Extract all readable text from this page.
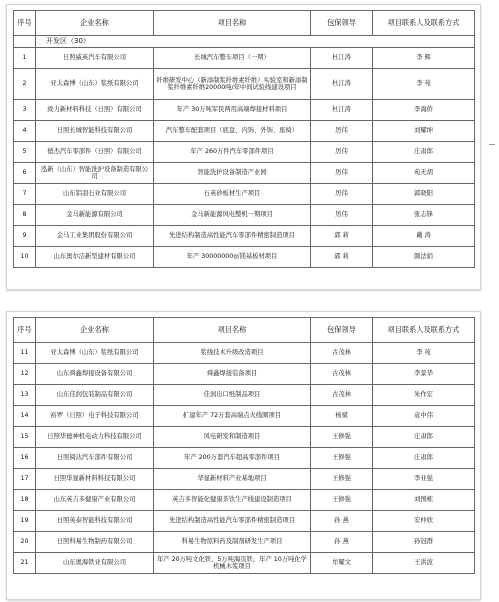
序号	企业名称	项目名称	包保领导	项目联系人及联系方式
	开发区（30）			
1	日照威英汽车有限公司	长城汽车整车项目（一期）	杜江涛	李 辉
2	亚太森博（山东）浆纸有限公司	纤维研发中心（新添制浆纤维素纤维）实验室和新添制浆纤维素纤维20000吨/年中间试验线建设项目	杜江涛	李 苑
3	致力新材料科技（日照）有限公司	年产 30万吨军民两用高端焊接材料项目	杜江涛	李海侨
4	日照长城智能科技有限公司	汽车整车配套项目（底盘、内饰、外饰、座椅）	厉伟	刘耀坤
5	德杰汽车零部件（日照）有限公司	年产 260万件汽车零部件项目	厉伟	庄肃郎
6	泓新（山东）智能洗护设备制造有限公司	智能洗护设备制造产业园	厉伟	苑无胡
7	山东铝羽石业有限公司	石英砂板材生产项目	厉伟	郭晓阳
8	金马新能源有限公司	金马新能源风电整机一期项目	厉伟	张志锋
9	金马工业集团股份有限公司	先进结构制造高性能汽车零部件精密制造项目	郭 莉	戴 涛
10	山东奥尔洁新型建材有限公司	年产 30000000㎡镁基板材项目	郭 莉	颜法娟
序号	企业名称	项目名称	包保领导	项目联系人及联系方式
11	亚太森博（山东）浆纸有限公司	浆线技术升级改造项目	古茂林	李 苑
12	山东舜鑫焊接设备有限公司	舜鑫焊接装备项目	古茂林	李景华
13	山东佳润包装制品有限公司	佳润出口纸制品项目	古茂林	朱作宏
14	裕罗（日照）电子科技有限公司	扩建年产 72万套高端点火线圈项目	杨斌	袁中伟
15	日照华德神机电动力科技有限公司	风电研发和制造项目	王修强	庄肃郎
16	日照阅达汽车部件有限公司	年产 200万套汽车超高零部件项目	王修强	庄肃郎
17	日照华显新材料科技有限公司	华显新材料产业基地项目	王修强	李业强
18	山东英吉多健康产业有限公司	英吉多智能化健康茶饮生产线建设制造项目	王修强	刘国栋
19	日照英泰智能科技有限公司	先进结构制造高性能汽车零部件精密制造项目	孙 燕	安仲欣
20	日照科易生物制药有限公司	科易生物原料药及制剂研发生产项目	孙 燕	孙冠群
21	山东奥海铁业有限公司	年产 20万吨文化铁，5万吨海页铁，年产 10万吨化学机械木浆项目	牟耀文	王洪波
